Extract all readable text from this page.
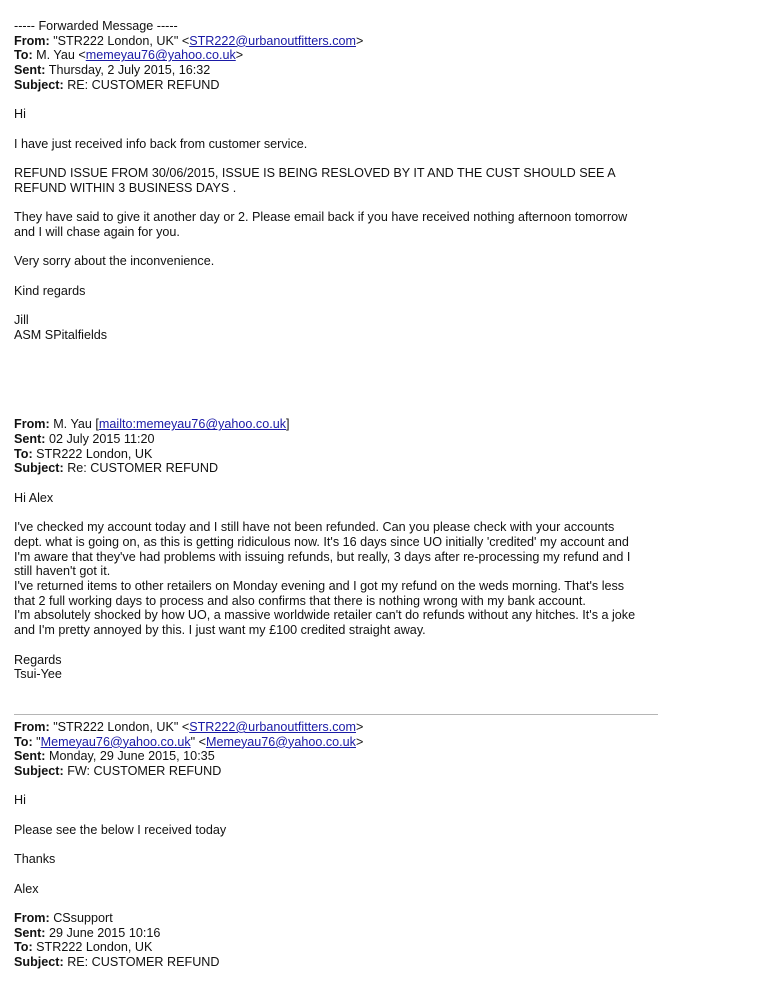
----- Forwarded Message -----
From: "STR222 London, UK" <STR222@urbanoutfitters.com>
To: M. Yau <memeyau76@yahoo.co.uk>
Sent: Thursday, 2 July 2015, 16:32
Subject: RE: CUSTOMER REFUND
Hi
I have just received info back from customer service.
REFUND ISSUE FROM 30/06/2015, ISSUE IS BEING RESLOVED BY IT AND THE CUST SHOULD SEE A
REFUND WITHIN 3 BUSINESS DAYS .
They have said to give it another day or 2. Please email back if you have received nothing afternoon tomorrow
and I will chase again for you.
Very sorry about the inconvenience.
Kind regards
Jill
ASM SPitalfields
From: M. Yau [mailto:memeyau76@yahoo.co.uk]
Sent: 02 July 2015 11:20
To: STR222 London, UK
Subject: Re: CUSTOMER REFUND
Hi Alex
I've checked my account today and I still have not been refunded. Can you please check with your accounts
dept. what is going on, as this is getting ridiculous now. It's 16 days since UO initially 'credited' my account and
I'm aware that they've had problems with issuing refunds, but really, 3 days after re-processing my refund and I
still haven't got it.
I've returned items to other retailers on Monday evening and I got my refund on the weds morning. That's less
that 2 full working days to process and also confirms that there is nothing wrong with my bank account.
I'm absolutely shocked by how UO, a massive worldwide retailer can't do refunds without any hitches. It's a joke
and I'm pretty annoyed by this. I just want my £100 credited straight away.
Regards
Tsui-Yee
From: "STR222 London, UK" <STR222@urbanoutfitters.com>
To: "Memeyau76@yahoo.co.uk" <Memeyau76@yahoo.co.uk>
Sent: Monday, 29 June 2015, 10:35
Subject: FW: CUSTOMER REFUND
Hi
Please see the below I received today
Thanks
Alex
From: CSsupport
Sent: 29 June 2015 10:16
To: STR222 London, UK
Subject: RE: CUSTOMER REFUND
